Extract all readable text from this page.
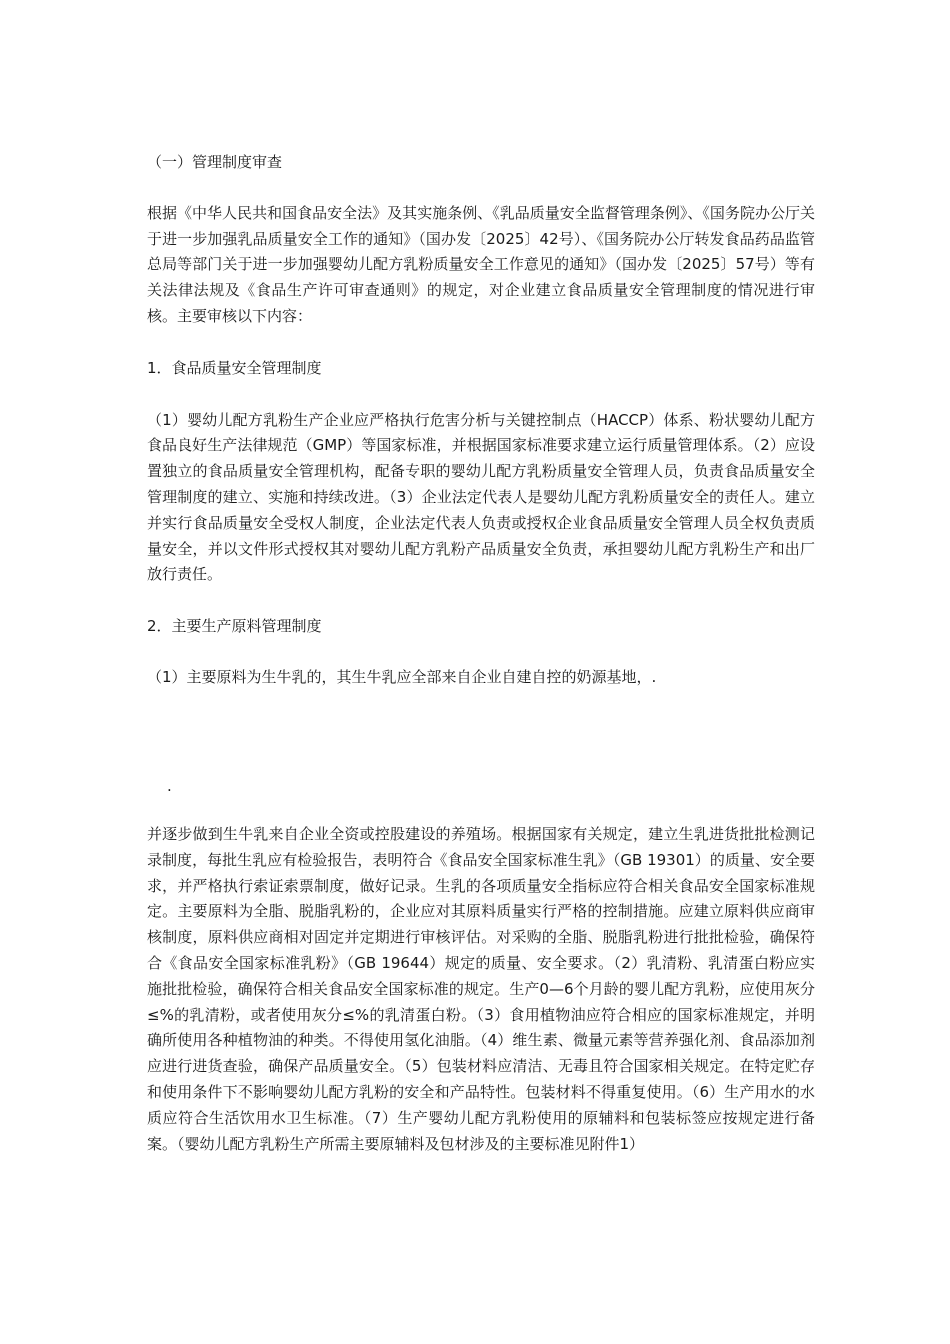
（一）管理制度审查

根据《中华人民共和国食品安全法》及其实施条例、《乳品质量安全监督管理条例》、《国务院办公厅关于进一步加强乳品质量安全工作的通知》（国办发〔2025〕42号）、《国务院办公厅转发食品药品监管总局等部门关于进一步加强婴幼儿配方乳粉质量安全工作意见的通知》（国办发〔2025〕57号）等有关法律法规及《食品生产许可审查通则》的规定，对企业建立食品质量安全管理制度的情况进行审核。主要审核以下内容：

1．食品质量安全管理制度

（1）婴幼儿配方乳粉生产企业应严格执行危害分析与关键控制点（HACCP）体系、粉状婴幼儿配方食品良好生产法律规范（GMP）等国家标准，并根据国家标准要求建立运行质量管理体系。（2）应设置独立的食品质量安全管理机构，配备专职的婴幼儿配方乳粉质量安全管理人员，负责食品质量安全管理制度的建立、实施和持续改进。（3）企业法定代表人是婴幼儿配方乳粉质量安全的责任人。建立并实行食品质量安全受权人制度，企业法定代表人负责或授权企业食品质量安全管理人员全权负责质量安全，并以文件形式授权其对婴幼儿配方乳粉产品质量安全负责，承担婴幼儿配方乳粉生产和出厂放行责任。

2．主要生产原料管理制度

（1）主要原料为生牛乳的，其生牛乳应全部来自企业自建自控的奶源基地，.

.

并逐步做到生牛乳来自企业全资或控股建设的养殖场。根据国家有关规定，建立生乳进货批批检测记录制度，每批生乳应有检验报告，表明符合《食品安全国家标准生乳》（GB 19301）的质量、安全要求，并严格执行索证索票制度，做好记录。生乳的各项质量安全指标应符合相关食品安全国家标准规定。主要原料为全脂、脱脂乳粉的，企业应对其原料质量实行严格的控制措施。应建立原料供应商审核制度，原料供应商相对固定并定期进行审核评估。对采购的全脂、脱脂乳粉进行批批检验，确保符合《食品安全国家标准乳粉》（GB 19644）规定的质量、安全要求。（2）乳清粉、乳清蛋白粉应实施批批检验，确保符合相关食品安全国家标准的规定。生产0—6个月龄的婴儿配方乳粉，应使用灰分≤%的乳清粉，或者使用灰分≤%的乳清蛋白粉。（3）食用植物油应符合相应的国家标准规定，并明确所使用各种植物油的种类。不得使用氢化油脂。（4）维生素、微量元素等营养强化剂、食品添加剂应进行进货查验，确保产品质量安全。（5）包装材料应清洁、无毒且符合国家相关规定。在特定贮存和使用条件下不影响婴幼儿配方乳粉的安全和产品特性。包装材料不得重复使用。（6）生产用水的水质应符合生活饮用水卫生标准。（7）生产婴幼儿配方乳粉使用的原辅料和包装标签应按规定进行备案。（婴幼儿配方乳粉生产所需主要原辅料及包材涉及的主要标准见附件1）
